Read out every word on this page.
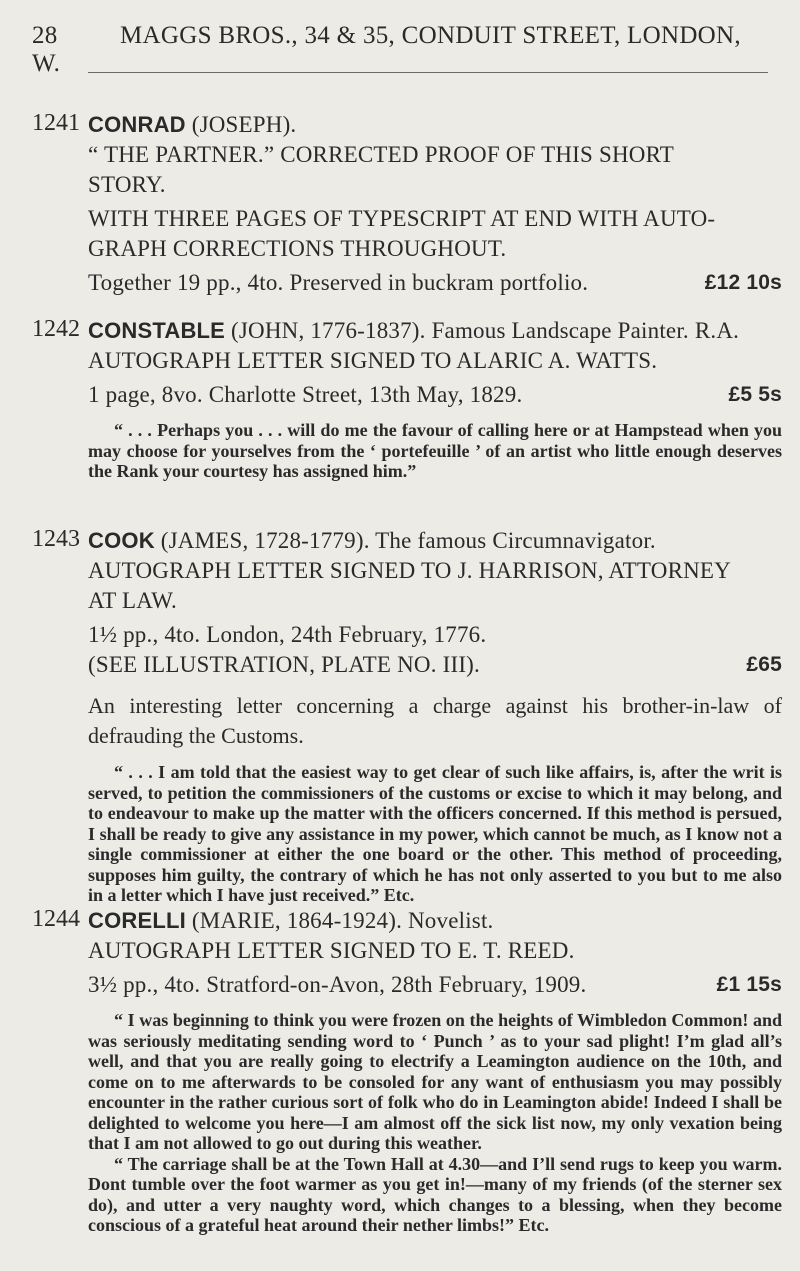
28 MAGGS BROS., 34 & 35, CONDUIT STREET, LONDON, W.
1241 CONRAD (JOSEPH).
“ THE PARTNER.” CORRECTED PROOF OF THIS SHORT
STORY.
WITH THREE PAGES OF TYPESCRIPT AT END WITH AUTO-
GRAPH CORRECTIONS THROUGHOUT.
Together 19 pp., 4to. Preserved in buckram portfolio.	£12 10s
1242 CONSTABLE (JOHN, 1776-1837). Famous Landscape Painter. R.A.
AUTOGRAPH LETTER SIGNED TO ALARIC A. WATTS.
1 page, 8vo. Charlotte Street, 13th May, 1829.	£5 5s

“ . . . Perhaps you . . . will do me the favour of calling here or at Hampstead when you may choose for yourselves from the ‘ portefeuille ’ of an artist who little enough deserves the Rank your courtesy has assigned him.”

1243 COOK (JAMES, 1728-1779). The famous Circumnavigator.
AUTOGRAPH LETTER SIGNED TO J. HARRISON, ATTORNEY
AT LAW.
1½ pp., 4to. London, 24th February, 1776.
(SEE ILLUSTRATION, PLATE NO. III).	£65
An interesting letter concerning a charge against his brother-in-law of defrauding the Customs.

“ . . . I am told that the easiest way to get clear of such like affairs, is, after the writ is served, to petition the commissioners of the customs or excise to which it may belong, and to endeavour to make up the matter with the officers concerned. If this method is persued, I shall be ready to give any assistance in my power, which cannot be much, as I know not a single commissioner at either the one board or the other. This method of proceeding, supposes him guilty, the contrary of which he has not only asserted to you but to me also in a letter which I have just received.” Etc.

1244 CORELLI (MARIE, 1864-1924). Novelist.
AUTOGRAPH LETTER SIGNED TO E. T. REED.
3½ pp., 4to. Stratford-on-Avon, 28th February, 1909.	£1 15s

“ I was beginning to think you were frozen on the heights of Wimbledon Common! and was seriously meditating sending word to ‘ Punch ’ as to your sad plight! I’m glad all’s well, and that you are really going to electrify a Leamington audience on the 10th, and come on to me afterwards to be consoled for any want of enthusiasm you may possibly encounter in the rather curious sort of folk who do in Leamington abide! Indeed I shall be delighted to welcome you here—I am almost off the sick list now, my only vexation being that I am not allowed to go out during this weather.

“ The carriage shall be at the Town Hall at 4.30—and I’ll send rugs to keep you warm. Dont tumble over the foot warmer as you get in!—many of my friends (of the sterner sex do), and utter a very naughty word, which changes to a blessing, when they become conscious of a grateful heat around their nether limbs!” Etc.
